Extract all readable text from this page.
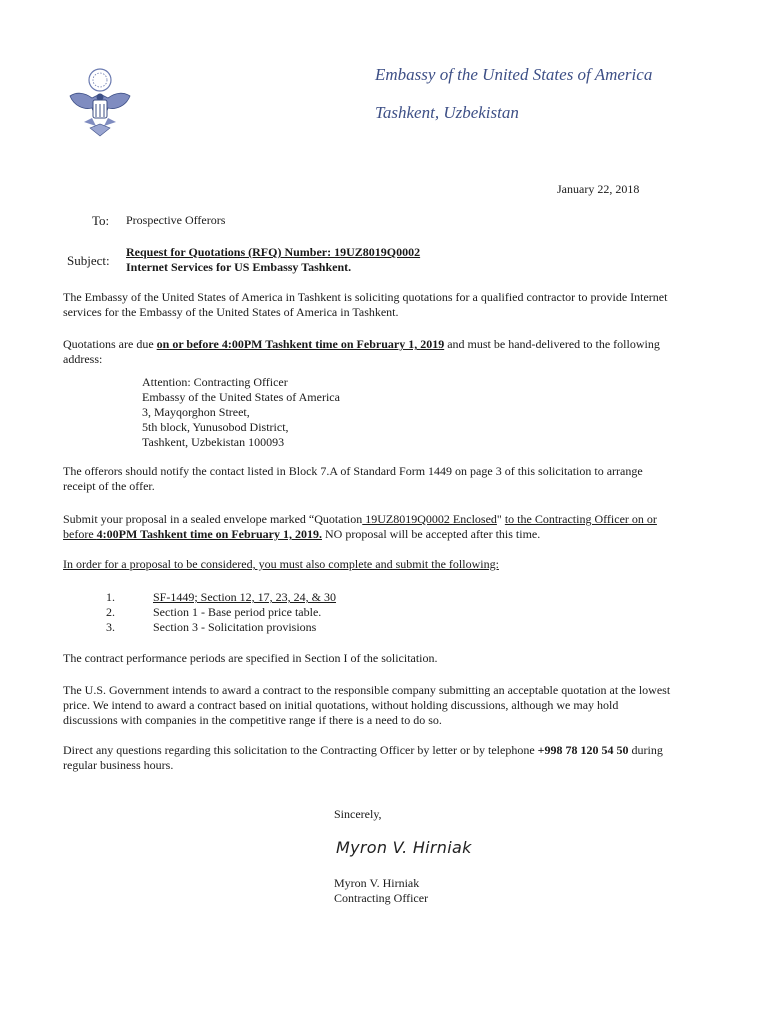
Embassy of the United States of America
Tashkent, Uzbekistan
January 22, 2018
To: Prospective Offerors
Subject:
Request for Quotations (RFQ) Number: 19UZ8019Q0002
Internet Services for US Embassy Tashkent.
The Embassy of the United States of America in Tashkent is soliciting quotations for a qualified contractor to provide Internet
services for the Embassy of the United States of America in Tashkent.
Quotations are due on or before 4:00PM Tashkent time on February 1, 2019 and must be hand-delivered to the following
address:
Attention: Contracting Officer
Embassy of the United States of America
3, Mayqorghon Street,
5th block, Yunusobod District,
Tashkent, Uzbekistan 100093
The offerors should notify the contact listed in Block 7.A of Standard Form 1449 on page 3 of this solicitation to arrange
receipt of the offer.
Submit your proposal in a sealed envelope marked “Quotation 19UZ8019Q0002 Enclosed" to the Contracting Officer on or
before 4:00PM Tashkent time on February 1, 2019. NO proposal will be accepted after this time.
In order for a proposal to be considered, you must also complete and submit the following:
1.	SF-1449; Section 12, 17, 23, 24, & 30
2.	Section 1 - Base period price table.
3.	Section 3 - Solicitation provisions
The contract performance periods are specified in Section I of the solicitation.
The U.S. Government intends to award a contract to the responsible company submitting an acceptable quotation at the lowest
price. We intend to award a contract based on initial quotations, without holding discussions, although we may hold
discussions with companies in the competitive range if there is a need to do so.
Direct any questions regarding this solicitation to the Contracting Officer by letter or by telephone +998 78 120 54 50 during
regular business hours.
Sincerely,
Myron V. Hirniak
Myron V. Hirniak
Contracting Officer
